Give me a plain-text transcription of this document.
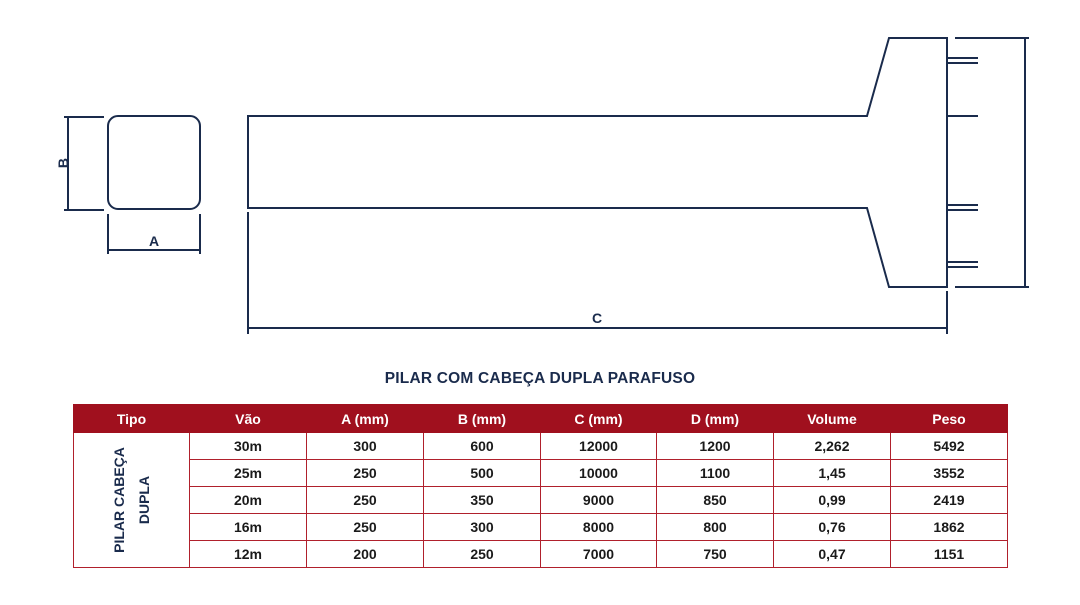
B
A
C
PILAR COM CABEÇA DUPLA PARAFUSO
Tipo	Vão	A (mm)	B (mm)	C (mm)	D (mm)	Volume	Peso

PILAR CABEÇA DUPLA	30m	300	600	12000	1200	2,262	5492
	25m	250	500	10000	1100	1,45	3552
	20m	250	350	9000	850	0,99	2419
	16m	250	300	8000	800	0,76	1862
	12m	200	250	7000	750	0,47	1151
